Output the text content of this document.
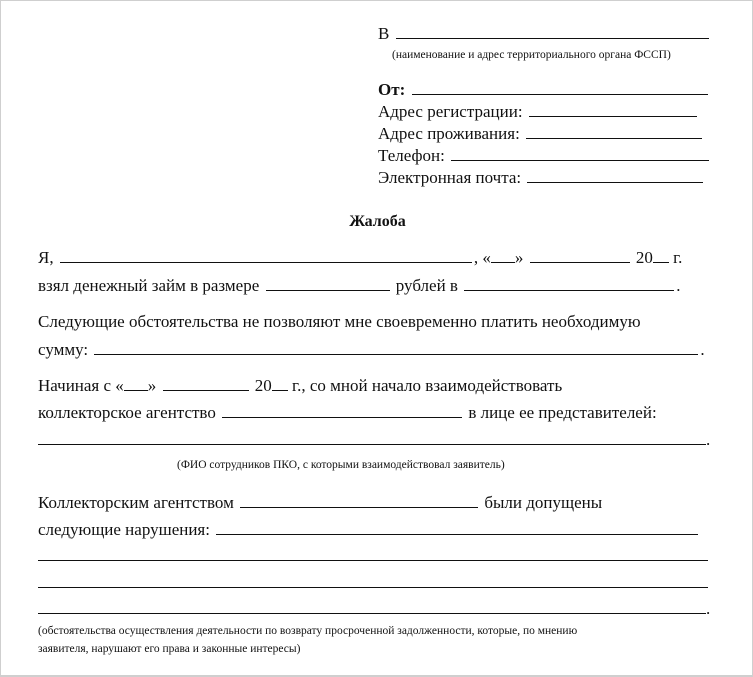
В
(наименование и адрес территориального органа ФССП)
От:
Адрес регистрации:
Адрес проживания:
Телефон:
Электронная почта:
Жалоба
Я,	, « »	20 г.
взял денежный займ в размере	рублей в	.
Следующие обстоятельства не позволяют мне своевременно платить необходимую
сумму:	.
Начиная с « »	20 г., со мной начало взаимодействовать
коллекторское агентство	в лице ее представителей:
.
(ФИО сотрудников ПКО, с которыми взаимодействовал заявитель)
Коллекторским агентством	были допущены
следующие нарушения:
.
(обстоятельства осуществления деятельности по возврату просроченной задолженности, которые, по мнению
заявителя, нарушают его права и законные интересы)
